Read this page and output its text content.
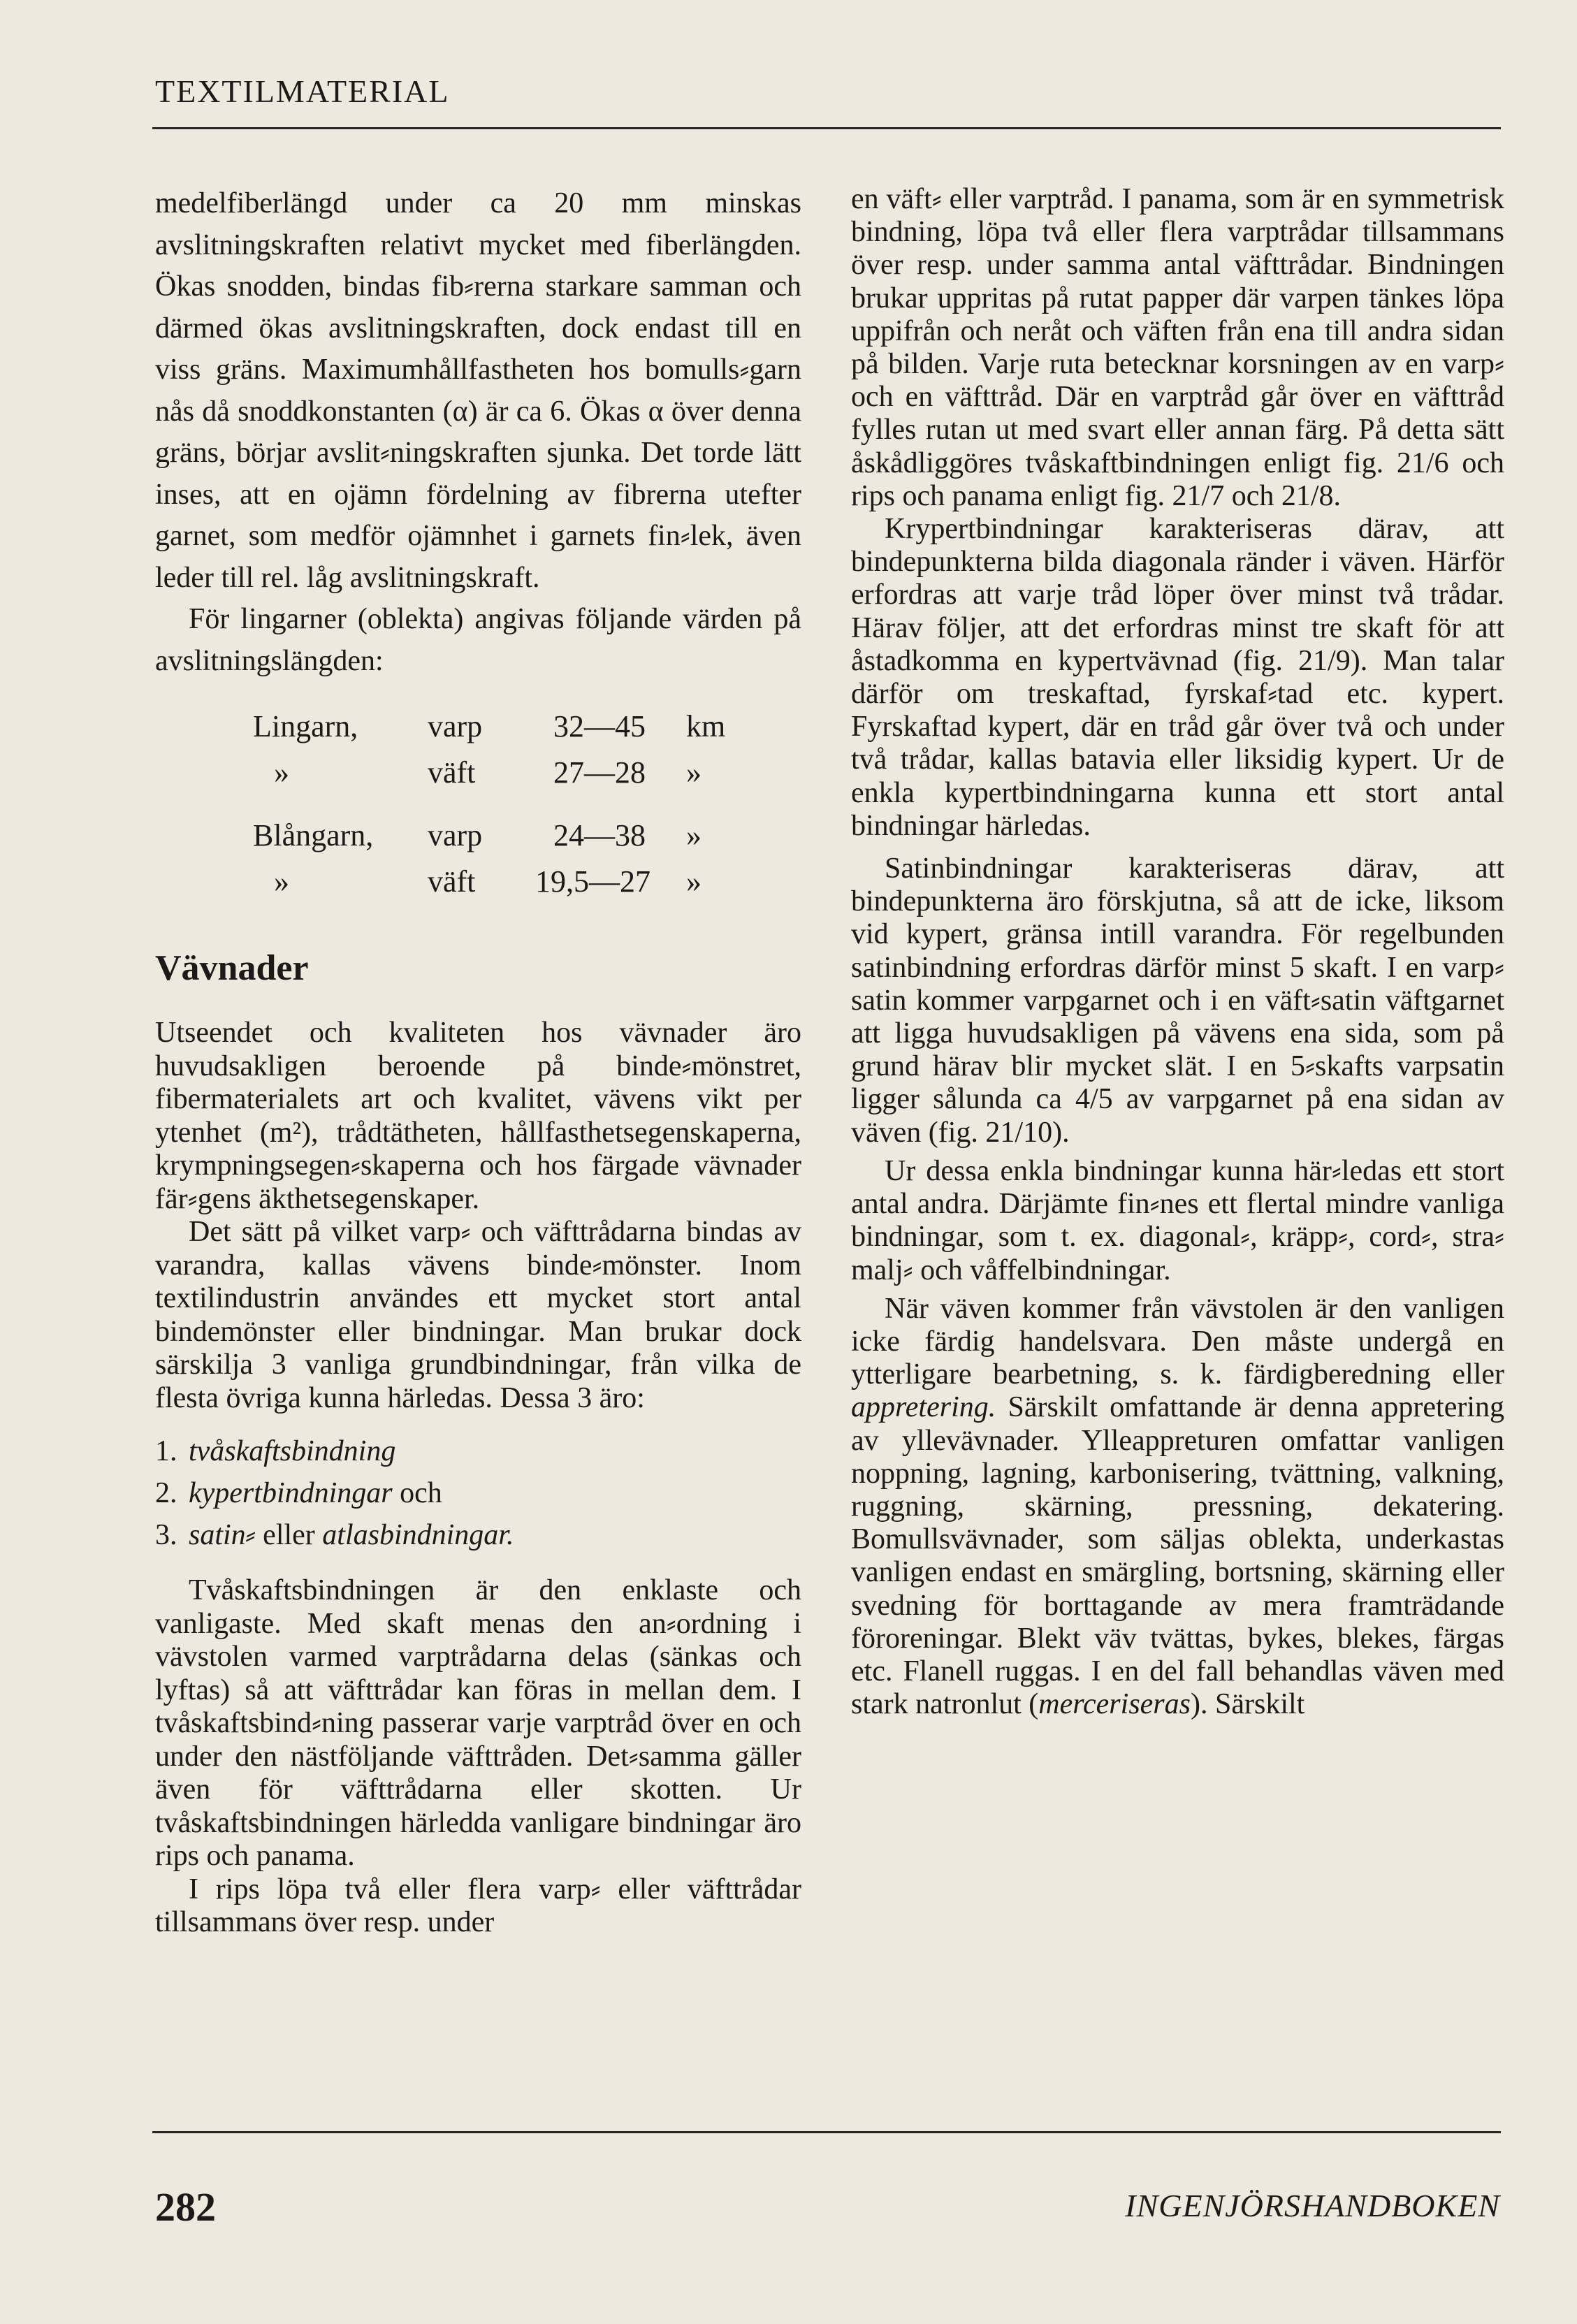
TEXTILMATERIAL

medelfiberlängd under ca 20 mm minskas avslitningskraften relativt mycket med fiberlängden. Ökas snodden, bindas fib⸗rerna starkare samman och därmed ökas avslitningskraften, dock endast till en viss gräns. Maximumhållfastheten hos bomulls⸗garn nås då snoddkonstanten (α) är ca 6. Ökas α över denna gräns, börjar avslit⸗ningskraften sjunka. Det torde lätt inses, att en ojämn fördelning av fibrerna utefter garnet, som medför ojämnhet i garnets fin⸗lek, även leder till rel. låg avslitningskraft.

För lingarner (oblekta) angivas följande värden på avslitningslängden:

Lingarn,	varp	32—45	km
»	väft	27—28	»
Blångarn,	varp	24—38	»
»	väft	19,5—27	»
Vävnader

Utseendet och kvaliteten hos vävnader äro huvudsakligen beroende på binde⸗mönstret, fibermaterialets art och kvalitet, vävens vikt per ytenhet (m²), trådtätheten, hållfasthetsegenskaperna, krympningsegen⸗skaperna och hos färgade vävnader fär⸗gens äkthetsegenskaper.

Det sätt på vilket varp⸗ och väfttrådarna bindas av varandra, kallas vävens binde⸗mönster. Inom textilindustrin användes ett mycket stort antal bindemönster eller bindningar. Man brukar dock särskilja 3 vanliga grundbindningar, från vilka de flesta övriga kunna härledas. Dessa 3 äro:

1. tvåskaftsbindning
2. kypertbindningar och
3. satin⸗ eller atlasbindningar.

Tvåskaftsbindningen är den enklaste och vanligaste. Med skaft menas den an⸗ordning i vävstolen varmed varptrådarna delas (sänkas och lyftas) så att väfttrådar kan föras in mellan dem. I tvåskaftsbind⸗ning passerar varje varptråd över en och under den nästföljande väfttråden. Det⸗samma gäller även för väfttrådarna eller skotten. Ur tvåskaftsbindningen härledda vanligare bindningar äro rips och panama.

I rips löpa två eller flera varp⸗ eller väfttrådar tillsammans över resp. under

en väft⸗ eller varptråd. I panama, som är en symmetrisk bindning, löpa två eller flera varptrådar tillsammans över resp. under samma antal väfttrådar. Bindningen brukar uppritas på rutat papper där varpen tänkes löpa uppifrån och neråt och väften från ena till andra sidan på bilden. Varje ruta betecknar korsningen av en varp⸗ och en väfttråd. Där en varptråd går över en väfttråd fylles rutan ut med svart eller annan färg. På detta sätt åskådliggöres tvåskaftbindningen enligt fig. 21/6 och rips och panama enligt fig. 21/7 och 21/8.

Krypertbindningar karakteriseras därav, att bindepunkterna bilda diagonala ränder i väven. Härför erfordras att varje tråd löper över minst två trådar. Härav följer, att det erfordras minst tre skaft för att åstadkomma en kypertvävnad (fig. 21/9). Man talar därför om treskaftad, fyrskaf⸗tad etc. kypert. Fyrskaftad kypert, där en tråd går över två och under två trådar, kallas batavia eller liksidig kypert. Ur de enkla kypertbindningarna kunna ett stort antal bindningar härledas.

Satinbindningar karakteriseras därav, att bindepunkterna äro förskjutna, så att de icke, liksom vid kypert, gränsa intill varandra. För regelbunden satinbindning erfordras därför minst 5 skaft. I en varp⸗satin kommer varpgarnet och i en väft⸗satin väftgarnet att ligga huvudsakligen på vävens ena sida, som på grund härav blir mycket slät. I en 5⸗skafts varpsatin ligger sålunda ca 4/5 av varpgarnet på ena sidan av väven (fig. 21/10).

Ur dessa enkla bindningar kunna här⸗ledas ett stort antal andra. Därjämte fin⸗nes ett flertal mindre vanliga bindningar, som t. ex. diagonal⸗, kräpp⸗, cord⸗, stra⸗malj⸗ och våffelbindningar.

När väven kommer från vävstolen är den vanligen icke färdig handelsvara. Den måste undergå en ytterligare bearbetning, s. k. färdigberedning eller appretering. Särskilt omfattande är denna appretering av yllevävnader. Ylleappreturen omfattar vanligen noppning, lagning, karbonisering, tvättning, valkning, ruggning, skärning, pressning, dekatering. Bomullsvävnader, som säljas oblekta, underkastas vanligen endast en smärgling, bortsning, skärning eller svedning för borttagande av mera framträdande föroreningar. Blekt väv tvättas, bykes, blekes, färgas etc. Flanell ruggas. I en del fall behandlas väven med stark natronlut (merceriseras). Särskilt

282	INGENJÖRSHANDBOKEN
